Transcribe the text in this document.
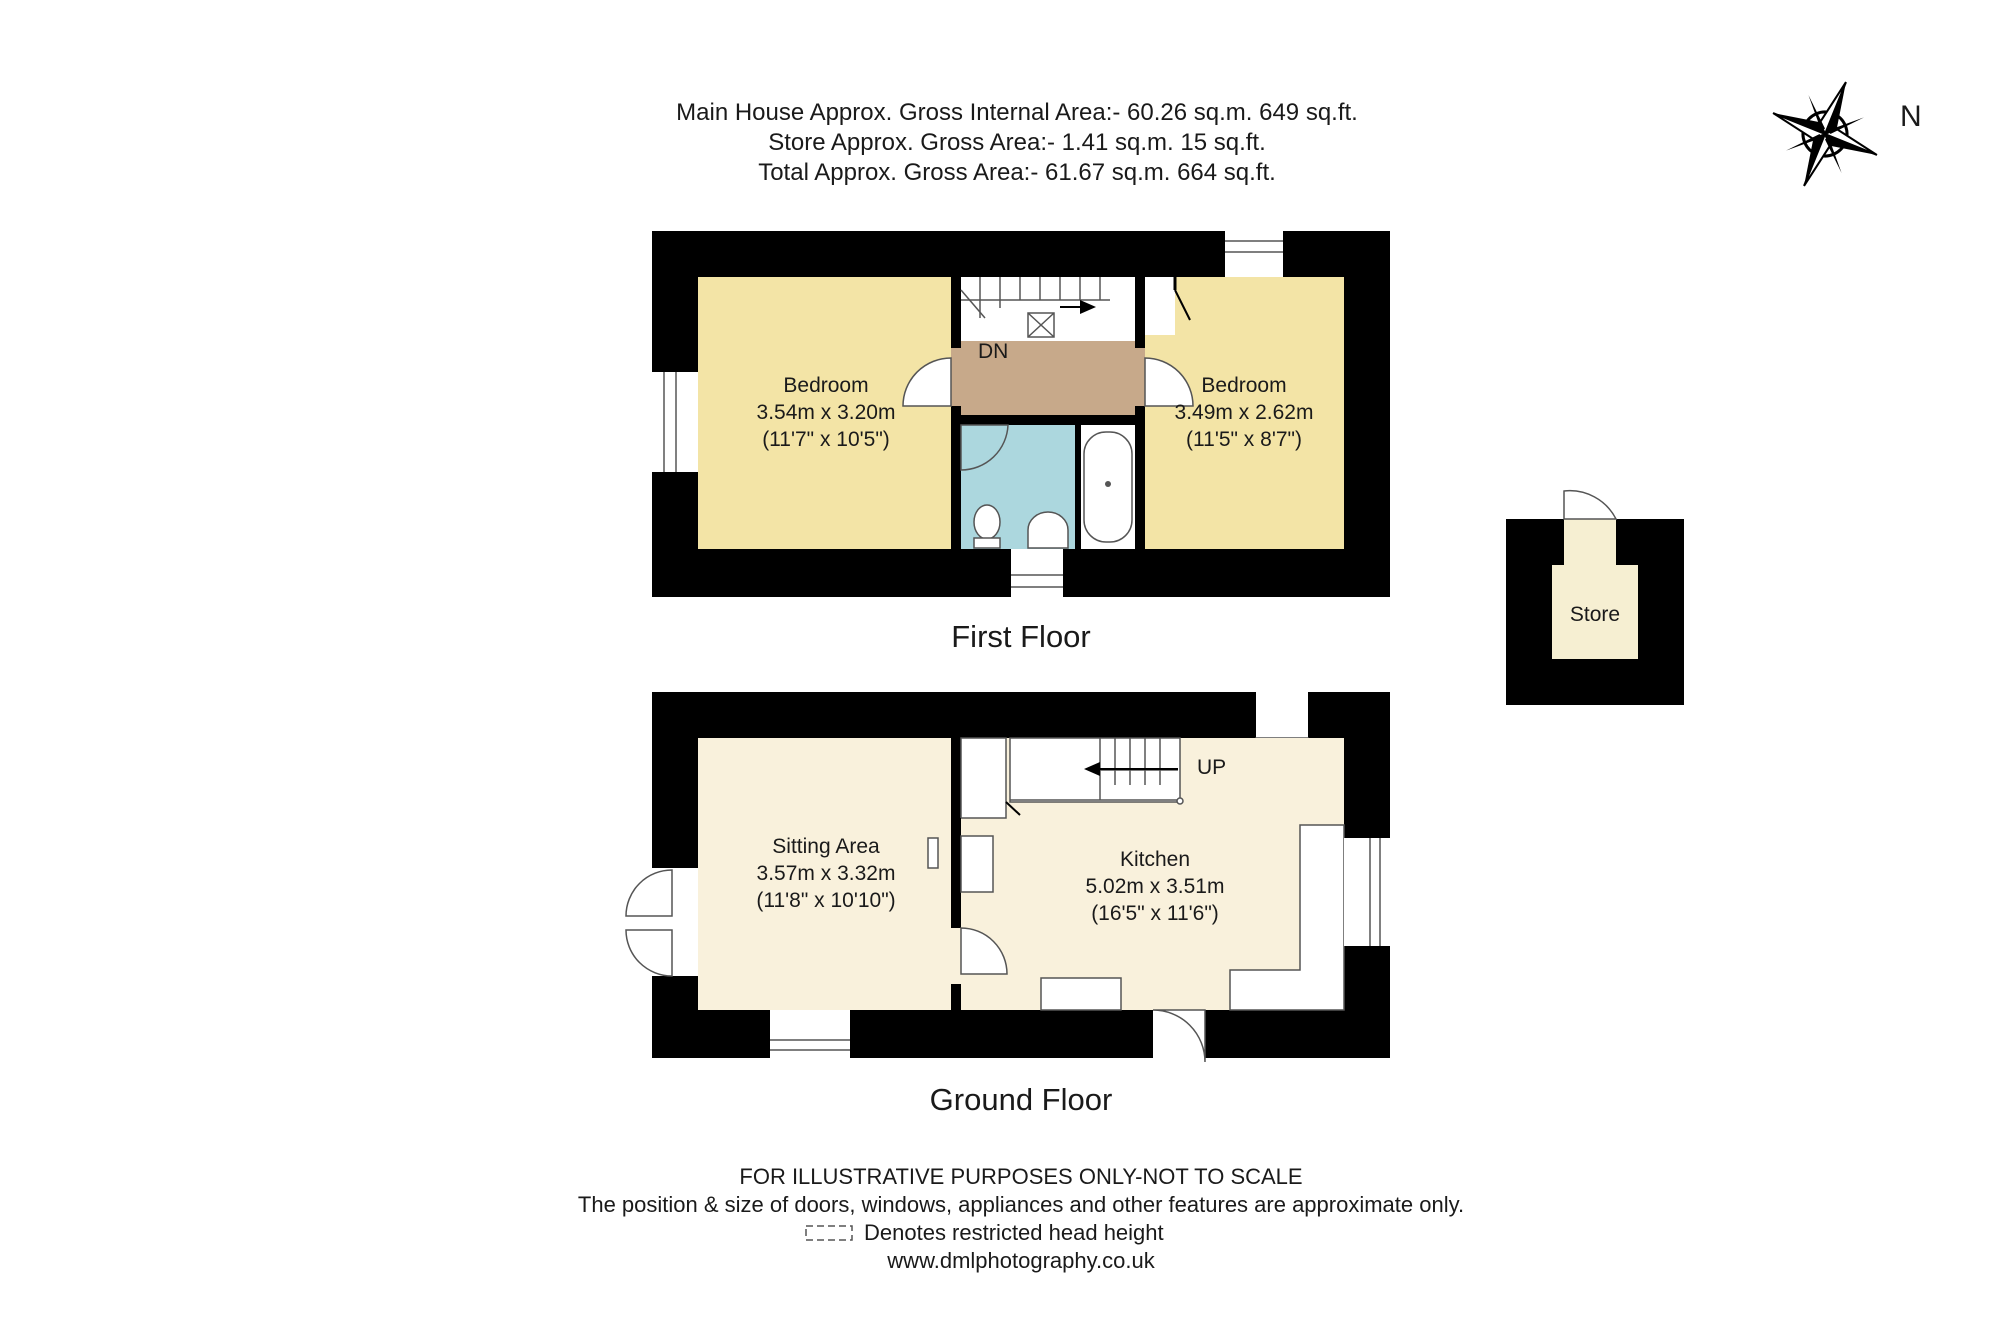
Main House Approx. Gross Internal Area:- 60.26 sq.m. 649 sq.ft.
Store Approx. Gross Area:- 1.41 sq.m. 15 sq.ft.
Total Approx. Gross Area:- 61.67 sq.m. 664 sq.ft.
N
DN
Bedroom
3.54m x 3.20m
(11'7" x 10'5")
Bedroom
3.49m x 2.62m
(11'5" x 8'7")
First Floor
Store
UP
Sitting Area
3.57m x 3.32m
(11'8" x 10'10")
Kitchen
5.02m x 3.51m
(16'5" x 11'6")
Ground Floor
FOR ILLUSTRATIVE PURPOSES ONLY-NOT TO SCALE
The position & size of doors, windows, appliances and other features are approximate only.
Denotes restricted head height
www.dmlphotography.co.uk
